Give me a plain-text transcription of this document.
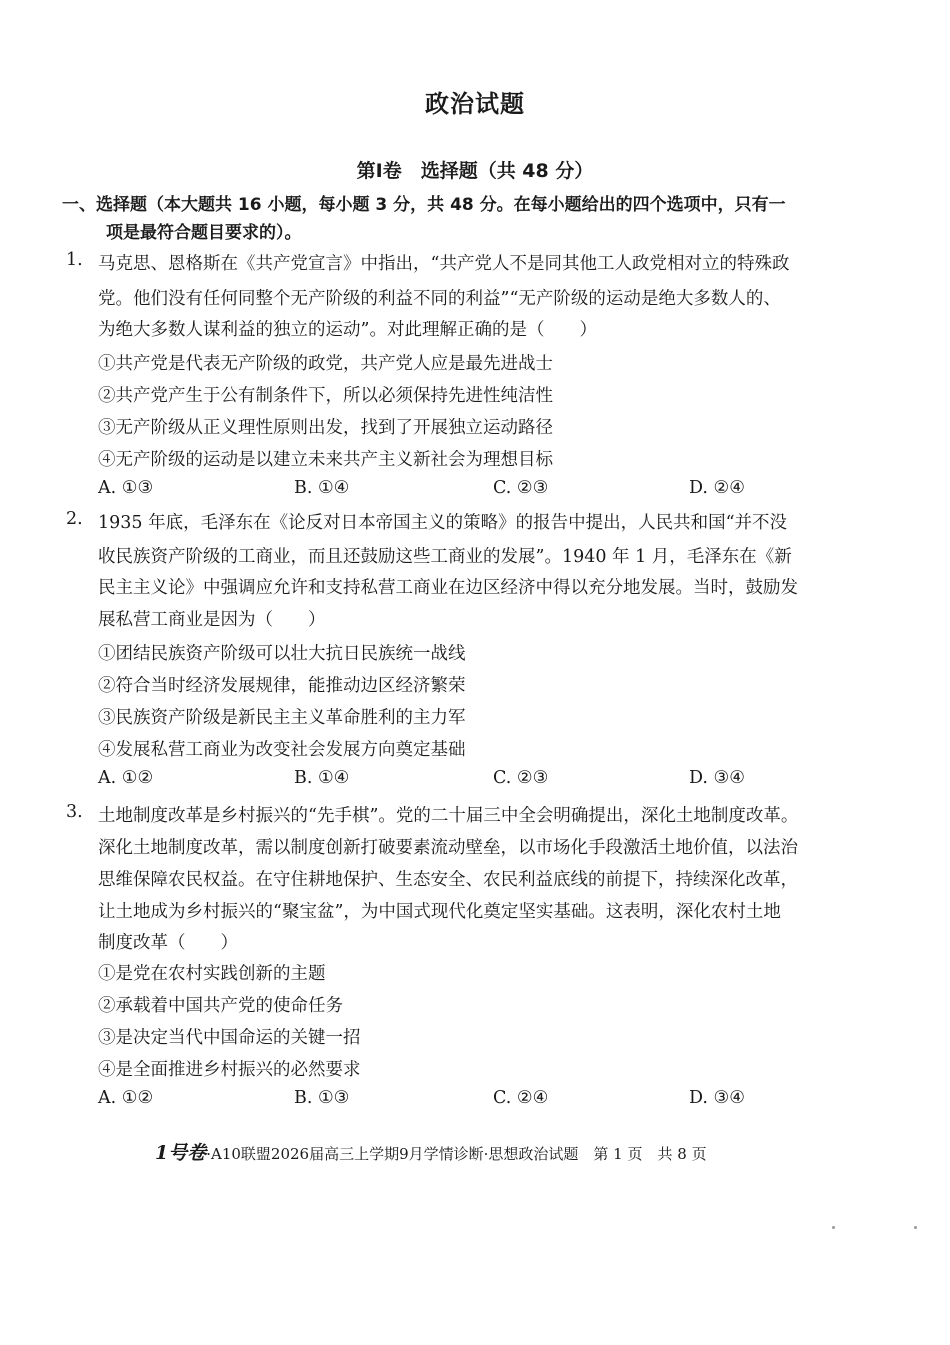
政治试题
第Ⅰ卷　选择题（共 48 分）
一、选择题（本大题共 16 小题，每小题 3 分，共 48 分。在每小题给出的四个选项中，只有一
项是最符合题目要求的）。
1. 马克思、恩格斯在《共产党宣言》中指出，“共产党人不是同其他工人政党相对立的特殊政
党。他们没有任何同整个无产阶级的利益不同的利益”“无产阶级的运动是绝大多数人的、
为绝大多数人谋利益的独立的运动”。对此理解正确的是（　　）
①共产党是代表无产阶级的政党，共产党人应是最先进战士
②共产党产生于公有制条件下，所以必须保持先进性纯洁性
③无产阶级从正义理性原则出发，找到了开展独立运动路径
④无产阶级的运动是以建立未来共产主义新社会为理想目标
A. ①③	B. ①④	C. ②③	D. ②④
2. 1935 年底，毛泽东在《论反对日本帝国主义的策略》的报告中提出，人民共和国“并不没
收民族资产阶级的工商业，而且还鼓励这些工商业的发展”。1940 年 1 月，毛泽东在《新
民主主义论》中强调应允许和支持私营工商业在边区经济中得以充分地发展。当时，鼓励发
展私营工商业是因为（　　）
①团结民族资产阶级可以壮大抗日民族统一战线
②符合当时经济发展规律，能推动边区经济繁荣
③民族资产阶级是新民主主义革命胜利的主力军
④发展私营工商业为改变社会发展方向奠定基础
A. ①②	B. ①④	C. ②③	D. ③④
3. 土地制度改革是乡村振兴的“先手棋”。党的二十届三中全会明确提出，深化土地制度改革。
深化土地制度改革，需以制度创新打破要素流动壁垒，以市场化手段激活土地价值，以法治
思维保障农民权益。在守住耕地保护、生态安全、农民利益底线的前提下，持续深化改革，
让土地成为乡村振兴的“聚宝盆”，为中国式现代化奠定坚实基础。这表明，深化农村土地
制度改革（　　）
①是党在农村实践创新的主题
②承载着中国共产党的使命任务
③是决定当代中国命运的关键一招
④是全面推进乡村振兴的必然要求
A. ①②	B. ①③	C. ②④	D. ③④
1号卷·A10联盟2026届高三上学期9月学情诊断·思想政治试题　第 1 页　共 8 页
